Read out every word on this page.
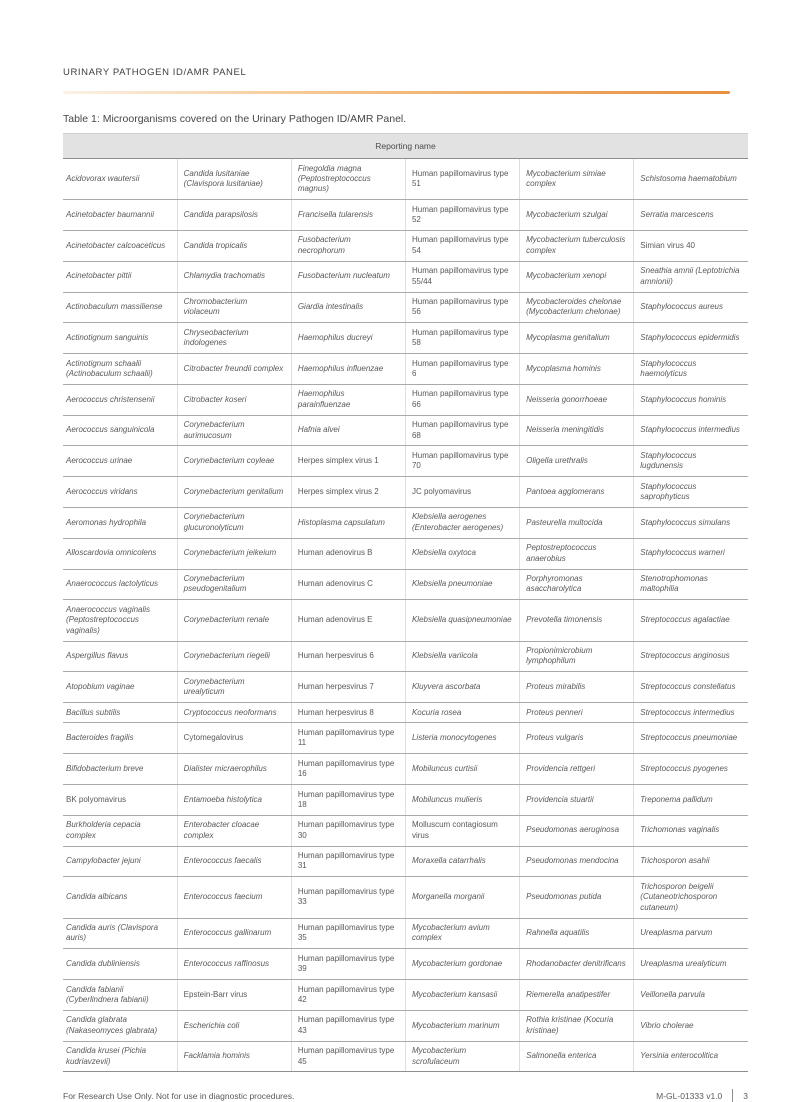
URINARY PATHOGEN ID/AMR PANEL
Table 1: Microorganisms covered on the Urinary Pathogen ID/AMR Panel.
Reporting name					
Acidovorax wautersii	Candida lusitaniae (Clavispora lusitaniae)	Finegoldia magna (Peptostreptococcus magnus)	Human papillomavirus type 51	Mycobacterium simiae complex	Schistosoma haematobium
Acinetobacter baumannii	Candida parapsilosis	Francisella tularensis	Human papillomavirus type 52	Mycobacterium szulgai	Serratia marcescens
Acinetobacter calcoaceticus	Candida tropicalis	Fusobacterium necrophorum	Human papillomavirus type 54	Mycobacterium tuberculosis complex	Simian virus 40
Acinetobacter pittii	Chlamydia trachomatis	Fusobacterium nucleatum	Human papillomavirus type 55/44	Mycobacterium xenopi	Sneathia amnii (Leptotrichia amnionii)
Actinobaculum massiliense	Chromobacterium violaceum	Giardia intestinalis	Human papillomavirus type 56	Mycobacteroides chelonae (Mycobacterium chelonae)	Staphylococcus aureus
Actinotignum sanguinis	Chryseobacterium indologenes	Haemophilus ducreyi	Human papillomavirus type 58	Mycoplasma genitalium	Staphylococcus epidermidis
Actinotignum schaalii (Actinobaculum schaalii)	Citrobacter freundii complex	Haemophilus influenzae	Human papillomavirus type 6	Mycoplasma hominis	Staphylococcus haemolyticus
Aerococcus christensenii	Citrobacter koseri	Haemophilus parainfluenzae	Human papillomavirus type 66	Neisseria gonorrhoeae	Staphylococcus hominis
Aerococcus sanguinicola	Corynebacterium aurimucosum	Hafnia alvei	Human papillomavirus type 68	Neisseria meningitidis	Staphylococcus intermedius
Aerococcus urinae	Corynebacterium coyleae	Herpes simplex virus 1	Human papillomavirus type 70	Oligella urethralis	Staphylococcus lugdunensis
Aerococcus viridans	Corynebacterium genitalium	Herpes simplex virus 2	JC polyomavirus	Pantoea agglomerans	Staphylococcus saprophyticus
Aeromonas hydrophila	Corynebacterium glucuronolyticum	Histoplasma capsulatum	Klebsiella aerogenes (Enterobacter aerogenes)	Pasteurella multocida	Staphylococcus simulans
Alloscardovia omnicolens	Corynebacterium jeikeium	Human adenovirus B	Klebsiella oxytoca	Peptostreptococcus anaerobius	Staphylococcus warneri
Anaerococcus lactolyticus	Corynebacterium pseudogenitalium	Human adenovirus C	Klebsiella pneumoniae	Porphyromonas asaccharolytica	Stenotrophomonas maltophilia
Anaerococcus vaginalis (Peptostreptococcus vaginalis)	Corynebacterium renale	Human adenovirus E	Klebsiella quasipneumoniae	Prevotella timonensis	Streptococcus agalactiae
Aspergillus flavus	Corynebacterium riegelii	Human herpesvirus 6	Klebsiella variicola	Propionimicrobium lymphophilum	Streptococcus anginosus
Atopobium vaginae	Corynebacterium urealyticum	Human herpesvirus 7	Kluyvera ascorbata	Proteus mirabilis	Streptococcus constellatus
Bacillus subtilis	Cryptococcus neoformans	Human herpesvirus 8	Kocuria rosea	Proteus penneri	Streptococcus intermedius
Bacteroides fragilis	Cytomegalovirus	Human papillomavirus type 11	Listeria monocytogenes	Proteus vulgaris	Streptococcus pneumoniae
Bifidobacterium breve	Dialister micraerophilus	Human papillomavirus type 16	Mobiluncus curtisii	Providencia rettgeri	Streptococcus pyogenes
BK polyomavirus	Entamoeba histolytica	Human papillomavirus type 18	Mobiluncus mulieris	Providencia stuartii	Treponema pallidum
Burkholderia cepacia complex	Enterobacter cloacae complex	Human papillomavirus type 30	Molluscum contagiosum virus	Pseudomonas aeruginosa	Trichomonas vaginalis
Campylobacter jejuni	Enterococcus faecalis	Human papillomavirus type 31	Moraxella catarrhalis	Pseudomonas mendocina	Trichosporon asahii
Candida albicans	Enterococcus faecium	Human papillomavirus type 33	Morganella morganii	Pseudomonas putida	Trichosporon beigelii (Cutaneotrichosporon cutaneum)
Candida auris (Clavispora auris)	Enterococcus gallinarum	Human papillomavirus type 35	Mycobacterium avium complex	Rahnella aquatilis	Ureaplasma parvum
Candida dubliniensis	Enterococcus raffinosus	Human papillomavirus type 39	Mycobacterium gordonae	Rhodanobacter denitrificans	Ureaplasma urealyticum
Candida fabianii (Cyberlindnera fabianii)	Epstein-Barr virus	Human papillomavirus type 42	Mycobacterium kansasii	Riemerella anatipestifer	Veillonella parvula
Candida glabrata (Nakaseomyces glabrata)	Escherichia coli	Human papillomavirus type 43	Mycobacterium marinum	Rothia kristinae (Kocuria kristinae)	Vibrio cholerae
Candida krusei (Pichia kudriavzevii)	Facklamia hominis	Human papillomavirus type 45	Mycobacterium scrofulaceum	Salmonella enterica	Yersinia enterocolitica
For Research Use Only. Not for use in diagnostic procedures.	M-GL-01333 v1.0 3
